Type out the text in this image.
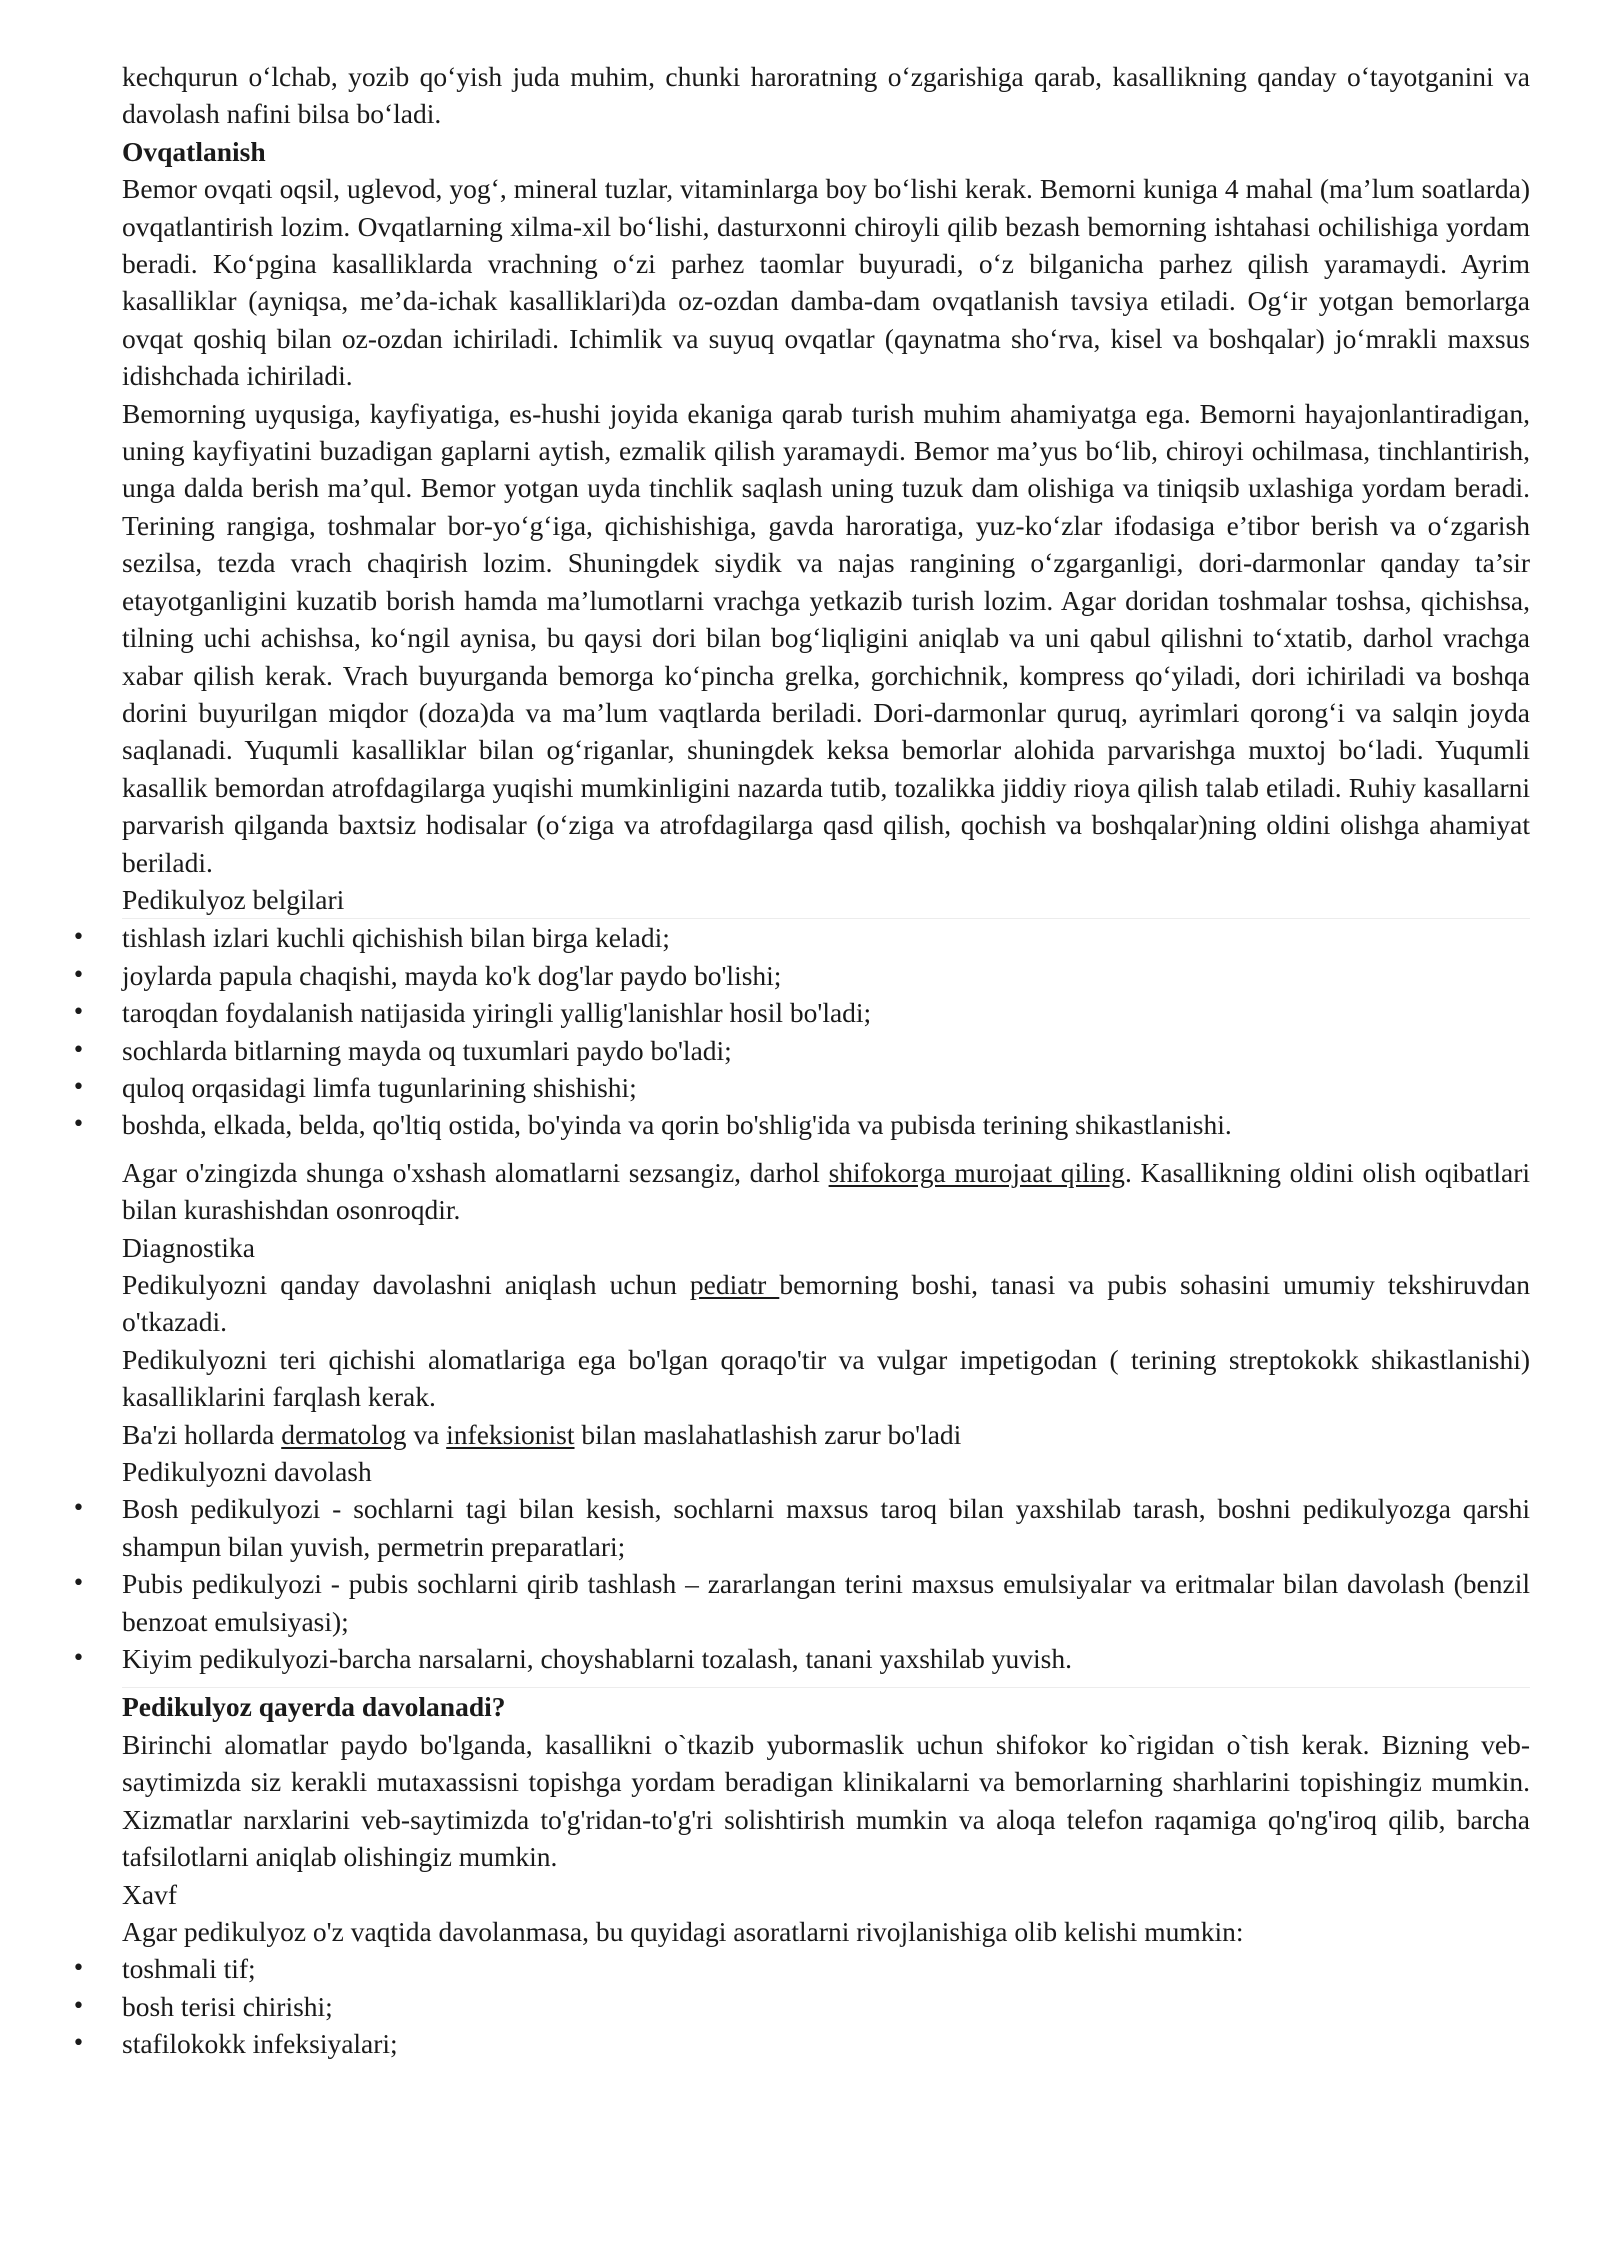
kechqurun o‘lchab, yozib qo‘yish juda muhim, chunki haroratning o‘zgarishiga qarab, kasallikning qanday o‘tayotganini va davolash nafini bilsa bo‘ladi.

Ovqatlanish

Bemor ovqati oqsil, uglevod, yog‘, mineral tuzlar, vitaminlarga boy bo‘lishi kerak. Bemorni kuniga 4 mahal (ma’lum soatlarda) ovqatlantirish lozim. Ovqatlarning xilma-xil bo‘lishi, dasturxonni chiroyli qilib bezash bemorning ishtahasi ochilishiga yordam beradi. Ko‘pgina kasalliklarda vrachning o‘zi parhez taomlar buyuradi, o‘z bilganicha parhez qilish yaramaydi. Ayrim kasalliklar (ayniqsa, me’da-ichak kasalliklari)da oz-ozdan damba-dam ovqatlanish tavsiya etiladi. Og‘ir yotgan bemorlarga ovqat qoshiq bilan oz-ozdan ichiriladi. Ichimlik va suyuq ovqatlar (qaynatma sho‘rva, kisel va boshqalar) jo‘mrakli maxsus idishchada ichiriladi.

Bemorning uyqusiga, kayfiyatiga, es-hushi joyida ekaniga qarab turish muhim ahamiyatga ega. Bemorni hayajonlantiradigan, uning kayfiyatini buzadigan gaplarni aytish, ezmalik qilish yaramaydi. Bemor ma’yus bo‘lib, chiroyi ochilmasa, tinchlantirish, unga dalda berish ma’qul. Bemor yotgan uyda tinchlik saqlash uning tuzuk dam olishiga va tiniqsib uxlashiga yordam beradi. Terining rangiga, toshmalar bor-yo‘g‘iga, qichishishiga, gavda haroratiga, yuz-ko‘zlar ifodasiga e’tibor berish va o‘zgarish sezilsa, tezda vrach chaqirish lozim. Shuningdek siydik va najas rangining o‘zgarganligi, dori-darmonlar qanday ta’sir etayotganligini kuzatib borish hamda ma’lumotlarni vrachga yetkazib turish lozim. Agar doridan toshmalar toshsa, qichishsa, tilning uchi achishsa, ko‘ngil aynisa, bu qaysi dori bilan bog‘liqligini aniqlab va uni qabul qilishni to‘xtatib, darhol vrachga xabar qilish kerak. Vrach buyurganda bemorga ko‘pincha grelka, gorchichnik, kompress qo‘yiladi, dori ichiriladi va boshqa dorini buyurilgan miqdor (doza)da va ma’lum vaqtlarda beriladi. Dori-darmonlar quruq, ayrimlari qorong‘i va salqin joyda saqlanadi. Yuqumli kasalliklar bilan og‘riganlar, shuningdek keksa bemorlar alohida parvarishga muxtoj bo‘ladi. Yuqumli kasallik bemordan atrofdagilarga yuqishi mumkinligini nazarda tutib, tozalikka jiddiy rioya qilish talab etiladi. Ruhiy kasallarni parvarish qilganda baxtsiz hodisalar (o‘ziga va atrofdagilarga qasd qilish, qochish va boshqalar)ning oldini olishga ahamiyat beriladi.

Pedikulyoz belgilari

• tishlash izlari kuchli qichishish bilan birga keladi;
• joylarda papula chaqishi, mayda ko'k dog'lar paydo bo'lishi;
• taroqdan foydalanish natijasida yiringli yallig'lanishlar hosil bo'ladi;
• sochlarda bitlarning mayda oq tuxumlari paydo bo'ladi;
• quloq orqasidagi limfa tugunlarining shishishi;
• boshda, elkada, belda, qo'ltiq ostida, bo'yinda va qorin bo'shlig'ida va pubisda terining shikastlanishi.

Agar o'zingizda shunga o'xshash alomatlarni sezsangiz, darhol shifokorga murojaat qiling. Kasallikning oldini olish oqibatlari bilan kurashishdan osonroqdir.

Diagnostika

Pedikulyozni qanday davolashni aniqlash uchun pediatr bemorning boshi, tanasi va pubis sohasini umumiy tekshiruvdan o'tkazadi.

Pedikulyozni teri qichishi alomatlariga ega bo'lgan qoraqo'tir va vulgar impetigodan ( terining streptokokk shikastlanishi) kasalliklarini farqlash kerak.

Ba'zi hollarda dermatolog va infeksionist bilan maslahatlashish zarur bo'ladi

Pedikulyozni davolash

• Bosh pedikulyozi - sochlarni tagi bilan kesish, sochlarni maxsus taroq bilan yaxshilab tarash, boshni pedikulyozga qarshi shampun bilan yuvish, permetrin preparatlari;
• Pubis pedikulyozi - pubis sochlarni qirib tashlash – zararlangan terini maxsus emulsiyalar va eritmalar bilan davolash (benzil benzoat emulsiyasi);
• Kiyim pedikulyozi-barcha narsalarni, choyshablarni tozalash, tanani yaxshilab yuvish.

Pedikulyoz qayerda davolanadi?

Birinchi alomatlar paydo bo'lganda, kasallikni o`tkazib yubormaslik uchun shifokor ko`rigidan o`tish kerak. Bizning veb-saytimizda siz kerakli mutaxassisni topishga yordam beradigan klinikalarni va bemorlarning sharhlarini topishingiz mumkin. Xizmatlar narxlarini veb-saytimizda to'g'ridan-to'g'ri solishtirish mumkin va aloqa telefon raqamiga qo'ng'iroq qilib, barcha tafsilotlarni aniqlab olishingiz mumkin.

Xavf

Agar pedikulyoz o'z vaqtida davolanmasa, bu quyidagi asoratlarni rivojlanishiga olib kelishi mumkin:

• toshmali tif;
• bosh terisi chirishi;
• stafilokokk infeksiyalari;
